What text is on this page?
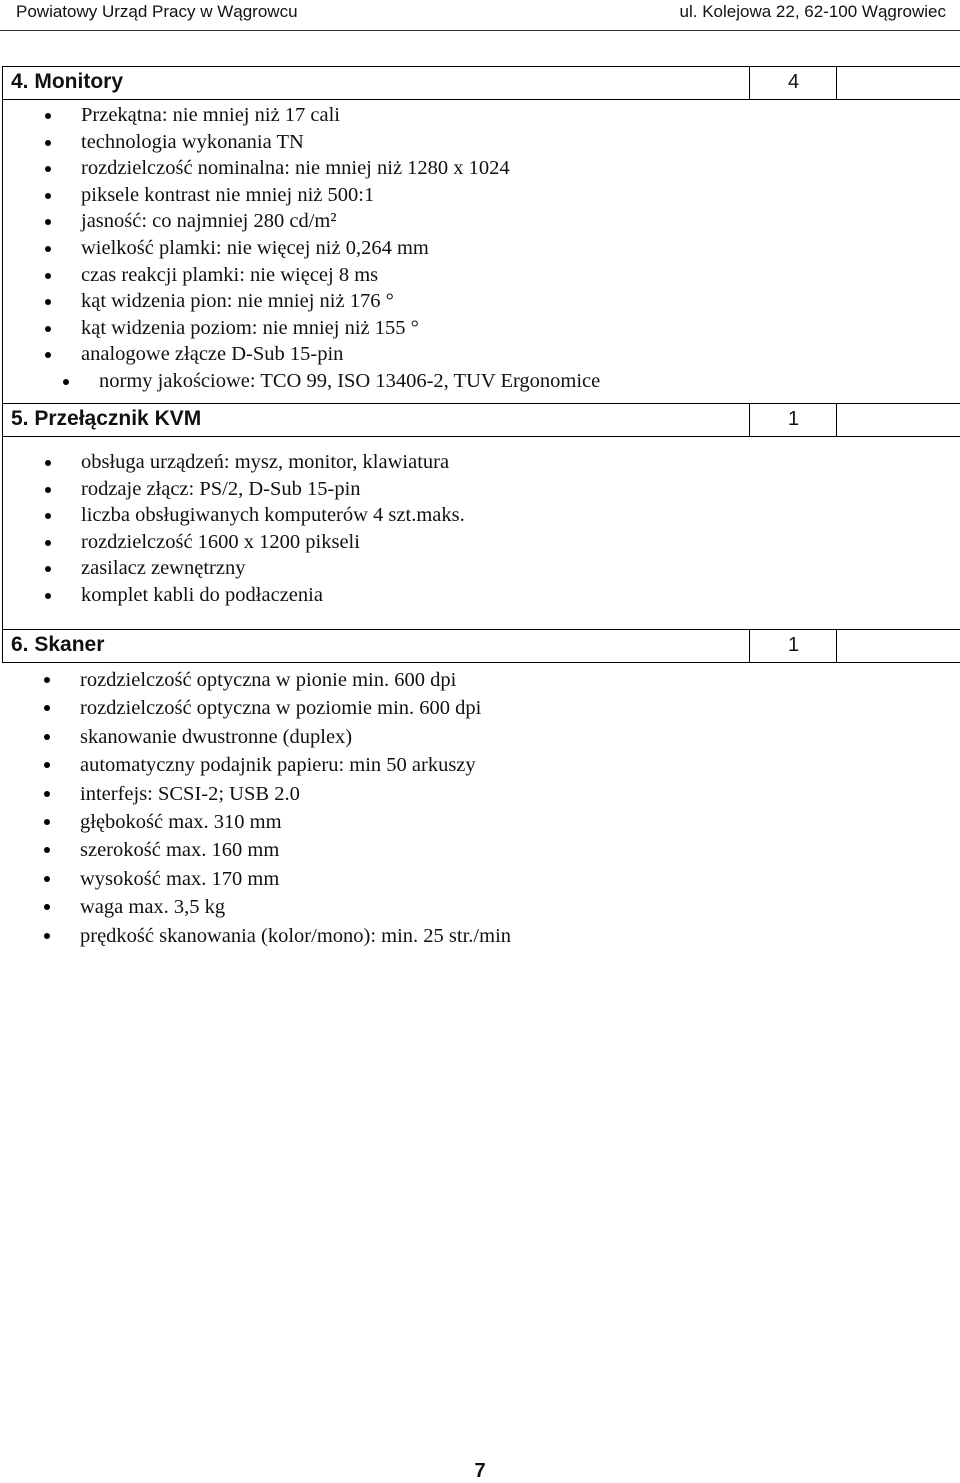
Powiatowy Urząd Pracy w Wągrowcu	ul. Kolejowa 22, 62-100 Wągrowiec
4. Monitory	4
Przekątna: nie mniej niż 17 cali
technologia wykonania TN
rozdzielczość nominalna: nie mniej niż 1280 x 1024
piksele kontrast nie mniej niż 500:1
jasność: co najmniej 280 cd/m²
wielkość plamki: nie więcej niż 0,264 mm
czas reakcji plamki: nie więcej 8 ms
kąt widzenia pion: nie mniej niż 176 °
kąt widzenia poziom: nie mniej niż 155 °
analogowe złącze D-Sub 15-pin
normy jakościowe: TCO 99, ISO 13406-2, TUV Ergonomice
5. Przełącznik KVM	1
obsługa urządzeń: mysz, monitor, klawiatura
rodzaje złącz: PS/2, D-Sub 15-pin
liczba obsługiwanych komputerów 4 szt.maks.
rozdzielczość 1600 x 1200 pikseli
zasilacz zewnętrzny
komplet kabli do podłaczenia
6. Skaner	1
rozdzielczość optyczna w pionie min. 600 dpi
rozdzielczość optyczna w poziomie min. 600 dpi
skanowanie dwustronne (duplex)
automatyczny podajnik papieru: min 50 arkuszy
interfejs: SCSI-2; USB 2.0
głębokość max. 310 mm
szerokość max. 160 mm
wysokość max. 170 mm
waga max. 3,5 kg
prędkość skanowania (kolor/mono): min. 25 str./min
7
